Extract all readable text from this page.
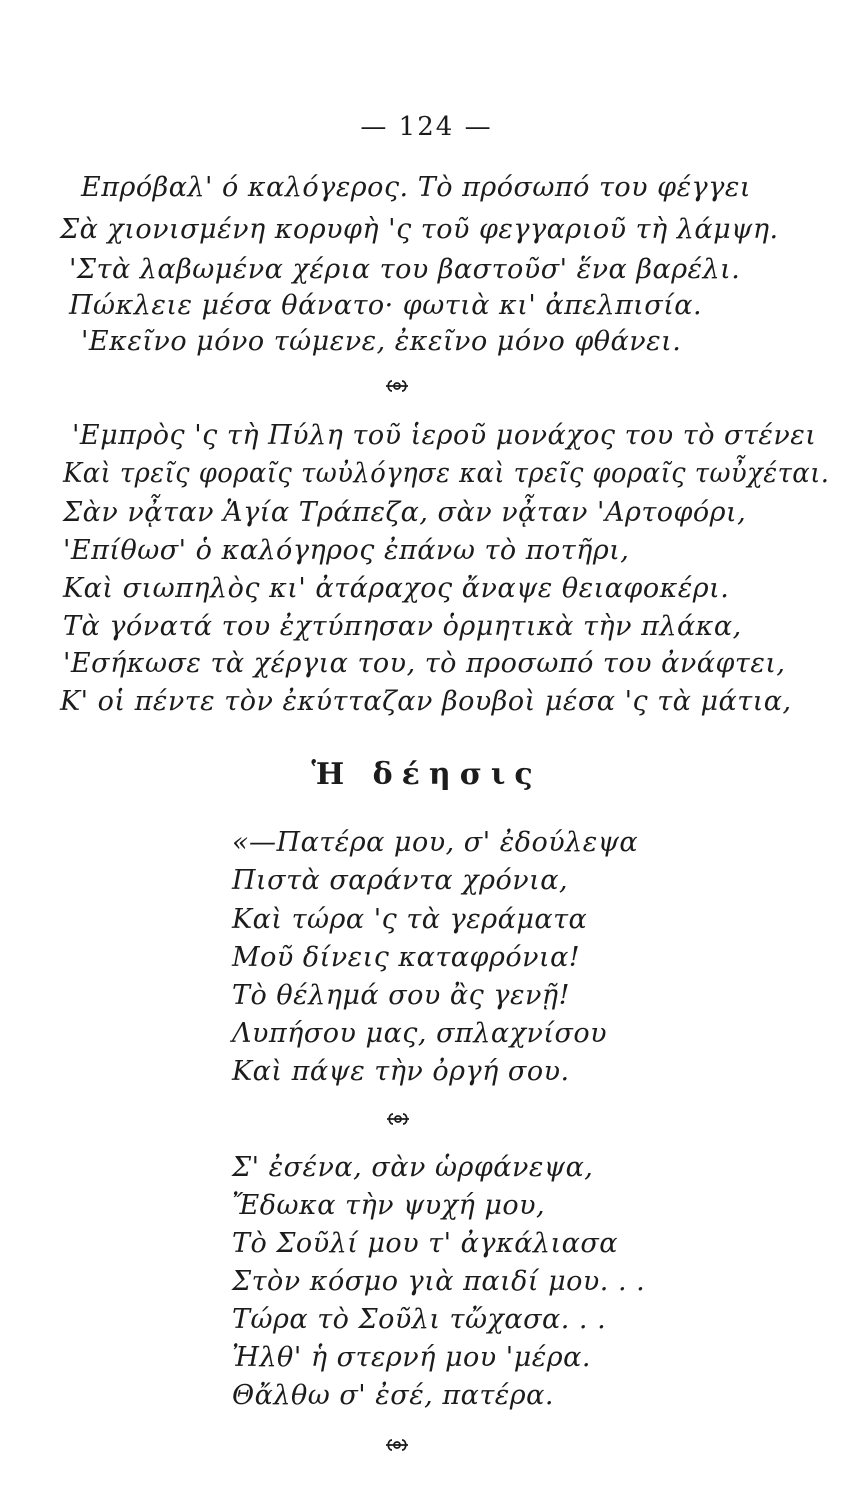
— 124 —
Επρόβαλ' ό καλόγερος. Τὸ πρόσωπό του φέγγει
Σὰ χιονισμένη κορυφὴ 'ς τοῦ φεγγαριοῦ τὴ λάμψη.
'Στὰ λαβωμένα χέρια του βαστοῦσ' ἕνα βαρέλι.
Πώκλειε μέσα θάνατο· φωτιὰ κι' ἀπελπισία.
'Εκεῖνο μόνο τώμενε, ἐκεῖνο μόνο φθάνει.
'Εμπρὸς 'ς τὴ Πύλη τοῦ ἱεροῦ μονάχος του τὸ στένει
Καὶ τρεῖς φοραῖς τωὐλόγησε καὶ τρεῖς φοραῖς τωὖχέται.
Σὰν νᾆταν Ἁγία Τράπεζα, σὰν νᾆταν 'Αρτοφόρι,
'Επίθωσ' ὁ καλόγηρος ἐπάνω τὸ ποτῆρι,
Καὶ σιωπηλὸς κι' ἀτάραχος ἄναψε θειαφοκέρι.
Τὰ γόνατά του ἐχτύπησαν ὁρμητικὰ τὴν πλάκα,
'Εσήκωσε τὰ χέργια του, τὸ προσωπό του ἀνάφτει,
Κ' οἱ πέντε τὸν ἐκύτταζαν βουβοὶ μέσα 'ς τὰ μάτια,
Ἡ δέησις
«—Πατέρα μου, σ' ἐδούλεψα
Πιστὰ σαράντα χρόνια,
Καὶ τώρα 'ς τὰ γεράματα
Μοῦ δίνεις καταφρόνια!
Τὸ θέλημά σου ἂς γενῇ!
Λυπήσου μας, σπλαχνίσου
Καὶ πάψε τὴν ὀργή σου.
Σ' ἐσένα, σὰν ὡρφάνεψα,
Ἔδωκα τὴν ψυχή μου,
Τὸ Σοῦλί μου τ' ἀγκάλιασα
Στὸν κόσμο γιὰ παιδί μου. . .
Τώρα τὸ Σοῦλι τὤχασα. . .
Ἠλθ' ἡ στερνή μου 'μέρα.
Θἄλθω σ' ἐσέ, πατέρα.
